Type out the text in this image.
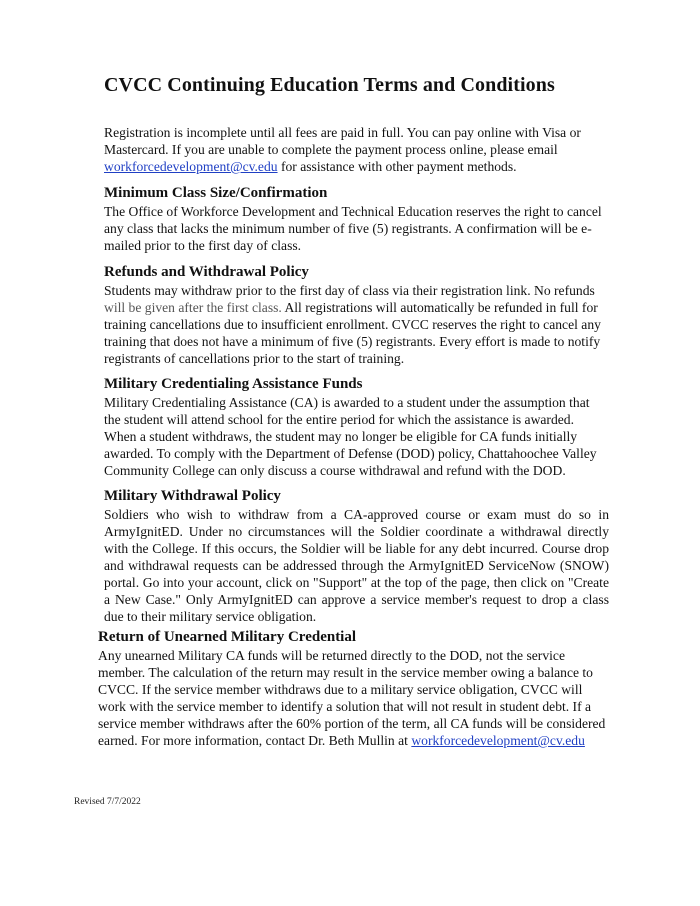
CVCC Continuing Education Terms and Conditions

Registration is incomplete until all fees are paid in full. You can pay online with Visa or Mastercard. If you are unable to complete the payment process online, please email workforcedevelopment@cv.edu for assistance with other payment methods.

Minimum Class Size/Confirmation

The Office of Workforce Development and Technical Education reserves the right to cancel any class that lacks the minimum number of five (5) registrants. A confirmation will be e-mailed prior to the first day of class.

Refunds and Withdrawal Policy

Students may withdraw prior to the first day of class via their registration link. No refunds will be given after the first class. All registrations will automatically be refunded in full for training cancellations due to insufficient enrollment. CVCC reserves the right to cancel any training that does not have a minimum of five (5) registrants. Every effort is made to notify registrants of cancellations prior to the start of training.

Military Credentialing Assistance Funds

Military Credentialing Assistance (CA) is awarded to a student under the assumption that the student will attend school for the entire period for which the assistance is awarded. When a student withdraws, the student may no longer be eligible for CA funds initially awarded. To comply with the Department of Defense (DOD) policy, Chattahoochee Valley Community College can only discuss a course withdrawal and refund with the DOD.

Military Withdrawal Policy

Soldiers who wish to withdraw from a CA-approved course or exam must do so in ArmyIgnitED. Under no circumstances will the Soldier coordinate a withdrawal directly with the College. If this occurs, the Soldier will be liable for any debt incurred. Course drop and withdrawal requests can be addressed through the ArmyIgnitED ServiceNow (SNOW) portal. Go into your account, click on "Support" at the top of the page, then click on "Create a New Case." Only ArmyIgnitED can approve a service member's request to drop a class due to their military service obligation.

Return of Unearned Military Credential

Any unearned Military CA funds will be returned directly to the DOD, not the service member. The calculation of the return may result in the service member owing a balance to CVCC. If the service member withdraws due to a military service obligation, CVCC will work with the service member to identify a solution that will not result in student debt. If a service member withdraws after the 60% portion of the term, all CA funds will be considered earned. For more information, contact Dr. Beth Mullin at workforcedevelopment@cv.edu

Revised 7/7/2022
